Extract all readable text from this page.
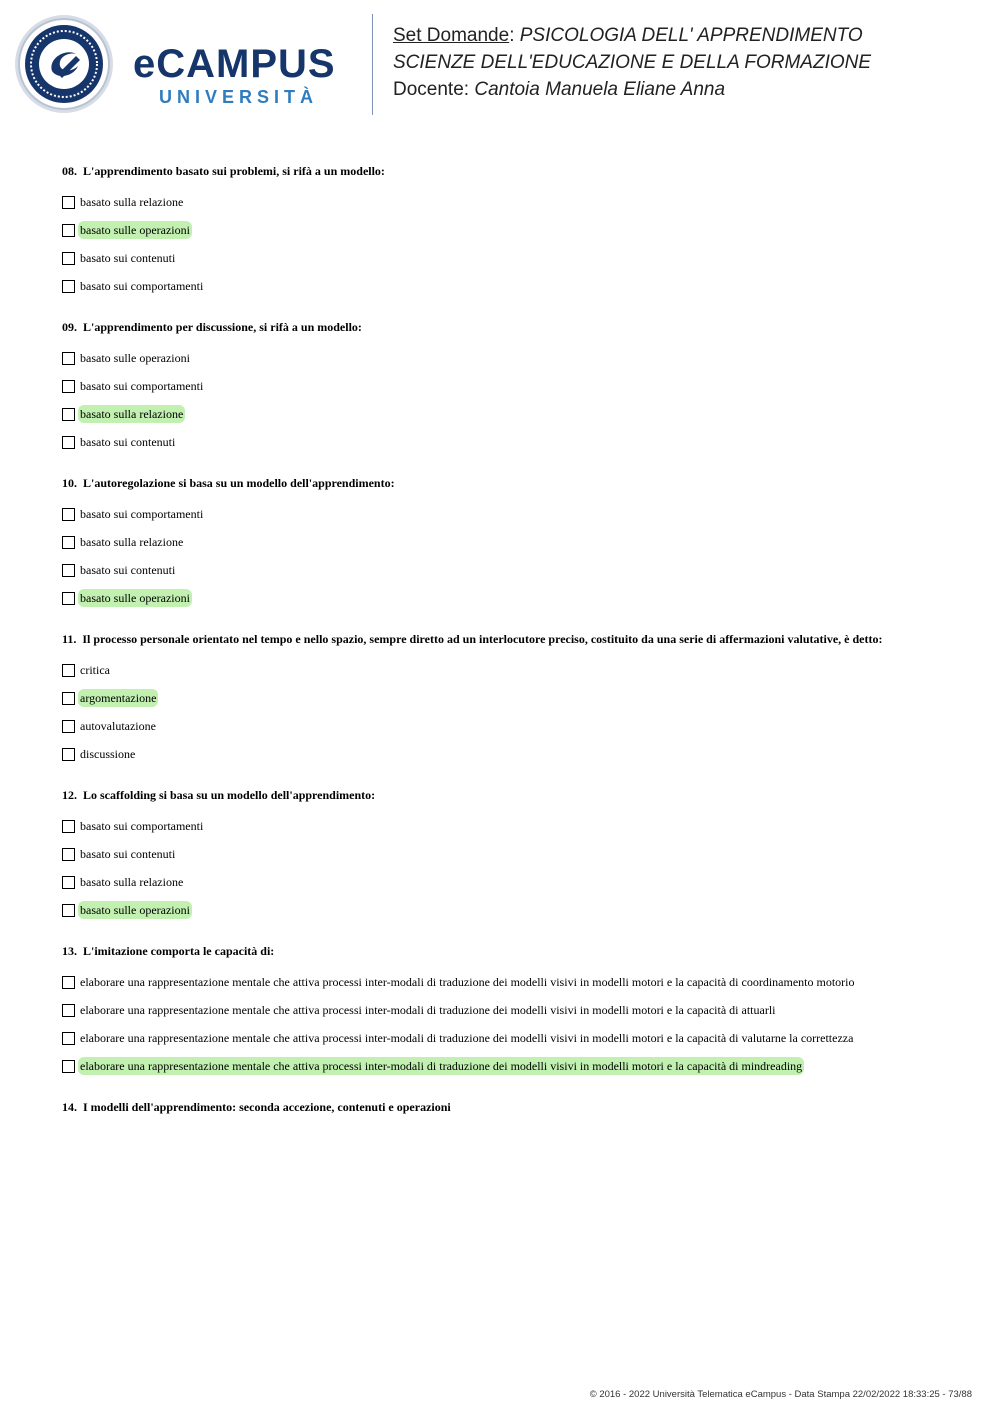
eCAMPUS
UNIVERSITÀ
Set Domande: PSICOLOGIA DELL' APPRENDIMENTO
SCIENZE DELL'EDUCAZIONE E DELLA FORMAZIONE
Docente: Cantoia Manuela Eliane Anna
08. L'apprendimento basato sui problemi, si rifà a un modello:
basato sulla relazione
basato sulle operazioni
basato sui contenuti
basato sui comportamenti
09. L'apprendimento per discussione, si rifà a un modello:
basato sulle operazioni
basato sui comportamenti
basato sulla relazione
basato sui contenuti
10. L'autoregolazione si basa su un modello dell'apprendimento:
basato sui comportamenti
basato sulla relazione
basato sui contenuti
basato sulle operazioni
11. Il processo personale orientato nel tempo e nello spazio, sempre diretto ad un interlocutore preciso, costituito da una serie di affermazioni valutative, è detto:
critica
argomentazione
autovalutazione
discussione
12. Lo scaffolding si basa su un modello dell'apprendimento:
basato sui comportamenti
basato sui contenuti
basato sulla relazione
basato sulle operazioni
13. L'imitazione comporta le capacità di:
elaborare una rappresentazione mentale che attiva processi inter-modali di traduzione dei modelli visivi in modelli motori e la capacità di coordinamento motorio
elaborare una rappresentazione mentale che attiva processi inter-modali di traduzione dei modelli visivi in modelli motori e la capacità di attuarli
elaborare una rappresentazione mentale che attiva processi inter-modali di traduzione dei modelli visivi in modelli motori e la capacità di valutarne la correttezza
elaborare una rappresentazione mentale che attiva processi inter-modali di traduzione dei modelli visivi in modelli motori e la capacità di mindreading
14. I modelli dell'apprendimento: seconda accezione, contenuti e operazioni
© 2016 - 2022 Università Telematica eCampus - Data Stampa 22/02/2022 18:33:25 - 73/88
